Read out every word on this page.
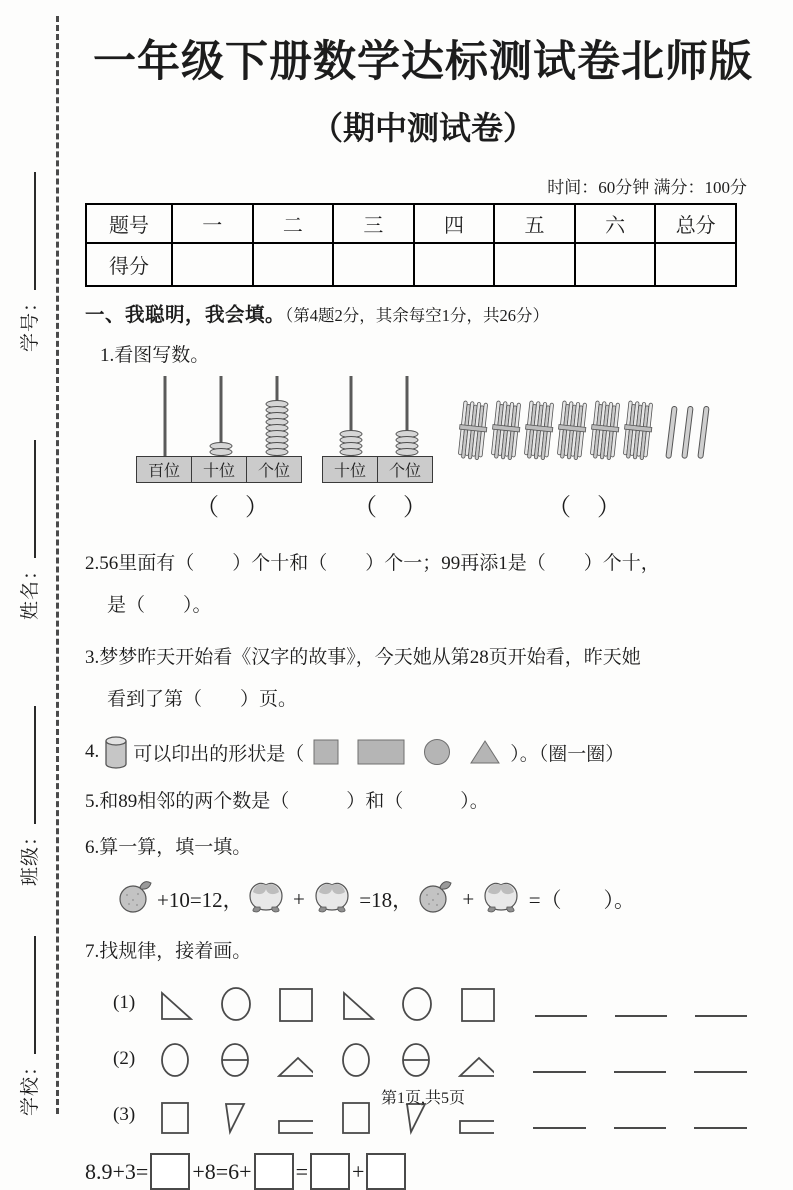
学号：
姓名：
班级：
学校：
一年级下册数学达标测试卷北师版
（期中测试卷）
时间：60分钟 满分：100分
题号	一	二	三	四	五	六	总分
得分							
一、我聪明，我会填。（第4题2分，其余每空1分，共26分）
1.看图写数。
百位	十位	个位	十位	个位
（） （）	（）
2.56里面有（　　）个十和（　　）个一；99再添1是（　　）个十，
是（　　）。
3.梦梦昨天开始看《汉字的故事》，今天她从第28页开始看，昨天她
看到了第（　　）页。
4. 可以印出的形状是（	）。（圈一圈）
5.和89相邻的两个数是（　　　）和（　　　）。
6.算一算，填一填。
+10=12， + =18， + =（　　）。
7.找规律，接着画。
(1)
(2)
(3)
8.9+3= +8=6+ = +
第1页,共5页
